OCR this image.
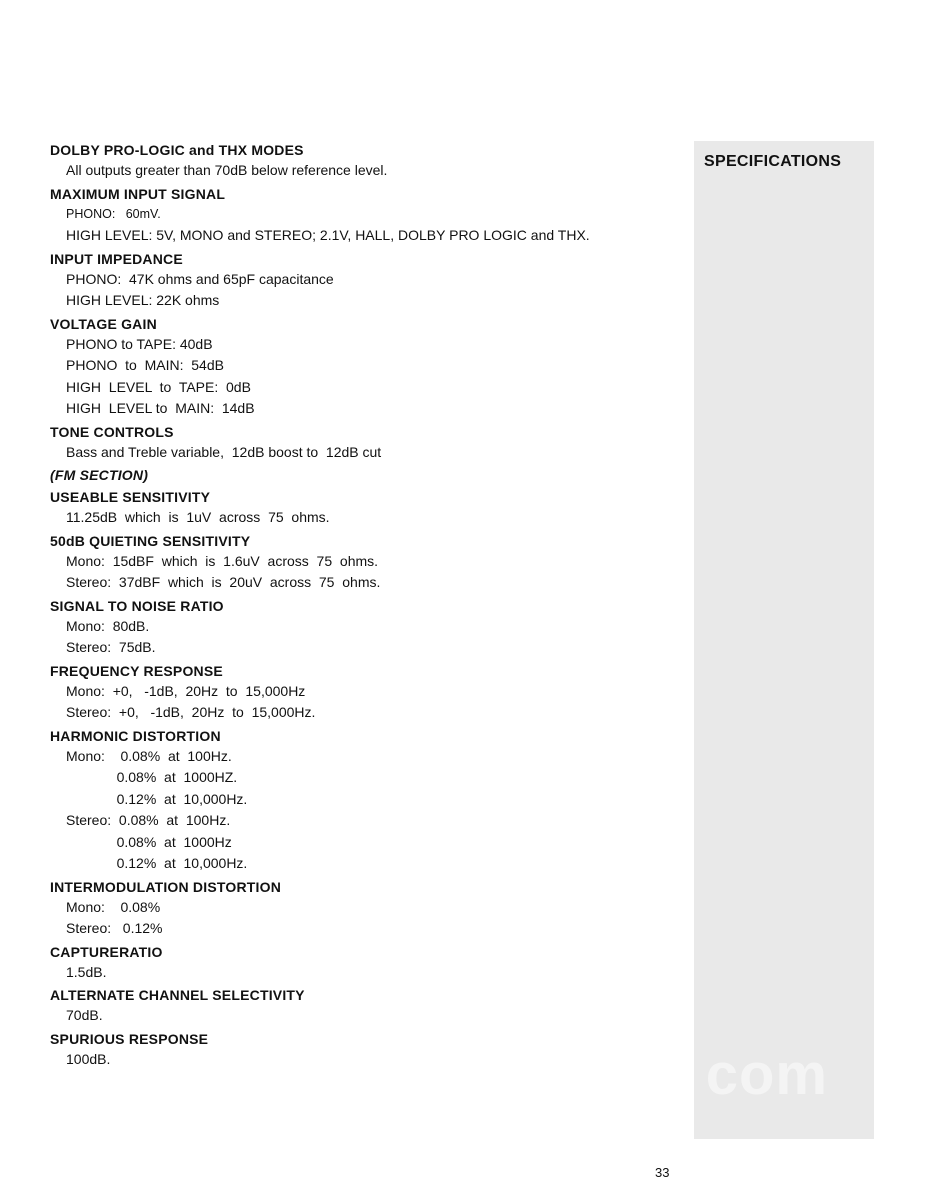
DOLBY PRO-LOGIC and THX MODES

All outputs greater than 70dB below reference level.

MAXIMUM INPUT SIGNAL

PHONO:   60mV.

HIGH LEVEL: 5V, MONO and STEREO; 2.1V, HALL, DOLBY PRO LOGIC and THX.

INPUT IMPEDANCE

PHONO:  47K ohms and 65pF capacitance

HIGH LEVEL: 22K ohms

VOLTAGE GAIN

PHONO to TAPE: 40dB

PHONO  to  MAIN:  54dB

HIGH  LEVEL  to  TAPE:  0dB

HIGH  LEVEL to  MAIN:  14dB

TONE CONTROLS

Bass and Treble variable,  12dB boost to  12dB cut

(FM SECTION)

USEABLE SENSITIVITY

11.25dB  which  is  1uV  across  75  ohms.

50dB QUIETING SENSITIVITY

Mono:  15dBF  which  is  1.6uV  across  75  ohms.

Stereo:  37dBF  which  is  20uV  across  75  ohms.

SIGNAL TO NOISE RATIO

Mono:  80dB.

Stereo:  75dB.

FREQUENCY RESPONSE

Mono:  +0,   -1dB,  20Hz  to  15,000Hz

Stereo:  +0,   -1dB,  20Hz  to  15,000Hz.

HARMONIC DISTORTION

Mono:    0.08%  at  100Hz.

0.08%  at  1000HZ.

0.12%  at  10,000Hz.

Stereo:  0.08%  at  100Hz.

0.08%  at  1000Hz

0.12%  at  10,000Hz.

INTERMODULATION DISTORTION

Mono:    0.08%

Stereo:   0.12%

CAPTURERATIO

1.5dB.

ALTERNATE CHANNEL SELECTIVITY

70dB.

SPURIOUS RESPONSE

100dB.

SPECIFICATIONS
com
33
